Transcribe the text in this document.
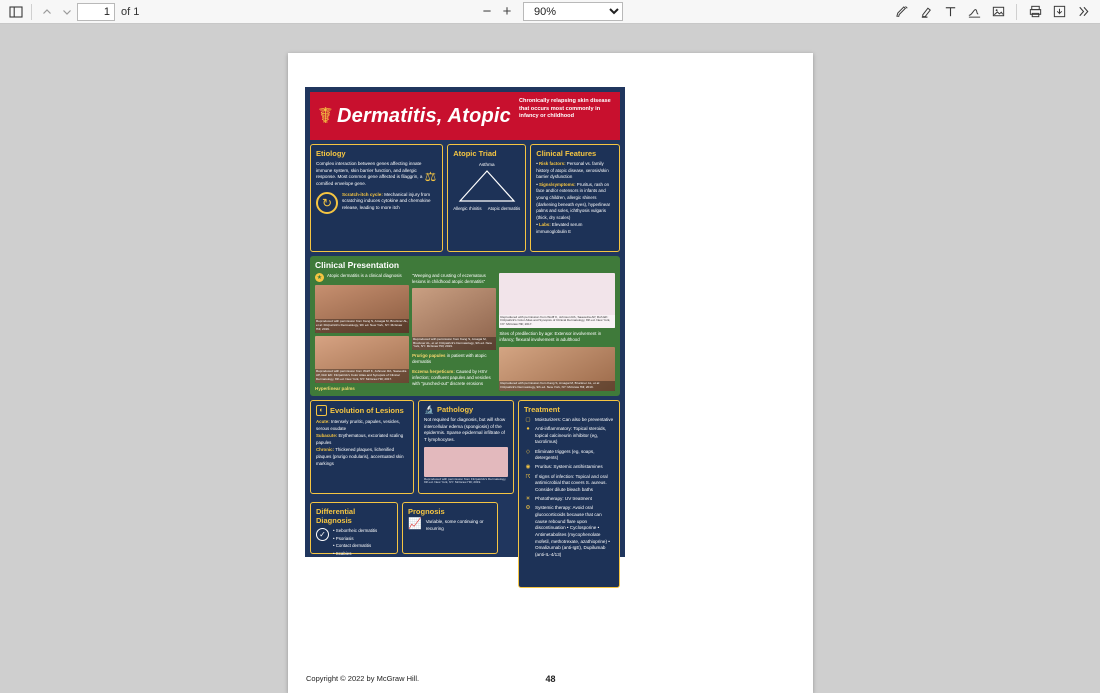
1
of 1	− +
90%
☤ Dermatitis, Atopic
Chronically relapsing skin disease that occurs most commonly in infancy or childhood
Etiology
Complex interaction between genes affecting innate immune system, skin barrier function, and allergic response. Most common gene affected is filaggrin, a cornified envelope gene.	⚖
↻
Scratch-itch cycle: Mechanical injury from scratching induces cytokine and chemokine release, leading to more itch
Atopic Triad
Asthma
Allergic rhinitis Atopic dermatitis
Clinical Features
• Risk factors: Personal vs. family history of atopic disease, xerosis/skin barrier dysfunction
• Signs/symptoms: Pruritus, rash on face and/or extensors in infants and young children, allergic shiners (darkening beneath eyes), hyperlinear palms and soles, ichthyosis vulgaris (thick, dry scales)
• Labs: Elevated serum immunoglobulin E
Clinical Presentation
★	Atopic dermatitis is a clinical diagnosis
Reproduced with permission from Kang S, Amagai M, Bruckner AL, et al: Fitzpatrick's Dermatology, 9th ed. New York, NY: McGraw Hill; 2019.
Reproduced with permission from Wolff K, Johnson RA, Saavedra AP, Roh EK: Fitzpatrick's Color Atlas and Synopsis of Clinical Dermatology, 8th ed. New York, NY: McGraw Hill; 2017.
Hyperlinear palms
"Weeping and crusting of eczematous lesions in childhood atopic dermatitis"
Reproduced with permission from Kang S, Amagai M, Bruckner AL, et al: Fitzpatrick's Dermatology, 9th ed. New York, NY: McGraw Hill; 2019.
Prurigo papules in patient with atopic dermatitis
Eczema herpeticum: Caused by HSV infection; confluent papules and vesicles with "punched-out" discrete erosions
Reproduced with permission from Wolff K, Johnson RA, Saavedra AP, Roh EK: Fitzpatrick's Color Atlas and Synopsis of Clinical Dermatology, 8th ed. New York, NY: McGraw Hill; 2017.
Sites of predilection by age: Extensor involvement in infancy; flexural involvement in adulthood
Reproduced with permission from Kang S, Amagai M, Bruckner AL, et al: Fitzpatrick's Dermatology, 9th ed. New York, NY: McGraw Hill; 2019.
◐ Evolution of Lesions
Acute: Intensely pruritic, papules, vesicles, serous exudate
Subacute: Erythematous, excoriated scaling papules
Chronic: Thickened plaques, lichenified plaques (prurigo nodularis), accentuated skin markings
🔬 Pathology
Not required for diagnosis, but will show intercellular edema (spongiosis) of the epidermis. Sparse epidermal infiltrate of T lymphocytes.
Reproduced with permission from Fitzpatrick's Dermatology, 9th ed. New York, NY: McGraw Hill; 2019.
Differential Diagnosis
✓	• Seborrheic dermatitis
• Psoriasis
• Contact dermatitis
• Scabies
Prognosis
📈 Variable, some continuing or recurring
Treatment
▢ Moisturizers: Can also be preventative
●	Anti-inflammatory: Topical steroids, topical calcineurin inhibitor (eg, tacrolimus)
◇	Eliminate triggers (eg, soaps, detergents)
◉ Pruritus: Systemic antihistamines
☈ If signs of infection: Topical and oral antimicrobial that covers S. aureus. Consider dilute bleach baths
☀ Phototherapy: UV treatment
⚙ Systemic therapy: Avoid oral glucocorticoids because that can cause rebound flare upon discontinuation • Cyclosporine • Antimetabolites (mycophenolate mofetil, methotrexate, azathioprine) • Omalizumab (anti-IgE), Dupilumab (anti-IL-4/13)
Copyright © 2022 by McGraw Hill.	48
